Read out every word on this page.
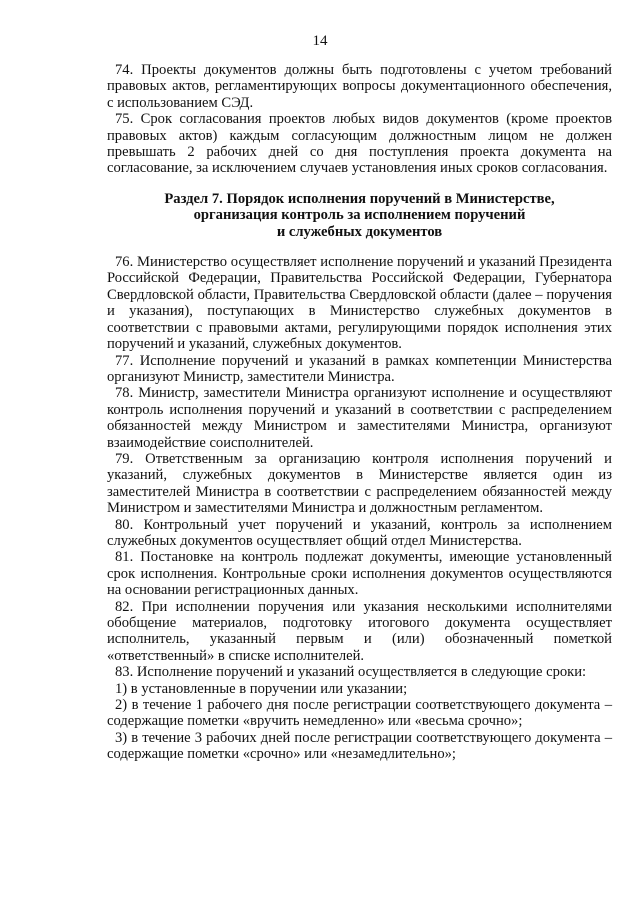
14

74. Проекты документов должны быть подготовлены с учетом требований правовых актов, регламентирующих вопросы документационного обеспечения, с использованием СЭД.

75. Срок согласования проектов любых видов документов (кроме проектов правовых актов) каждым согласующим должностным лицом не должен превышать 2 рабочих дней со дня поступления проекта документа на согласование, за исключением случаев установления иных сроков согласования.

Раздел 7. Порядок исполнения поручений в Министерстве,
организация контроль за исполнением поручений
и служебных документов

76. Министерство осуществляет исполнение поручений и указаний Президента Российской Федерации, Правительства Российской Федерации, Губернатора Свердловской области, Правительства Свердловской области (далее – поручения и указания), поступающих в Министерство служебных документов в соответствии с правовыми актами, регулирующими порядок исполнения этих поручений и указаний, служебных документов.

77. Исполнение поручений и указаний в рамках компетенции Министерства организуют Министр, заместители Министра.

78. Министр, заместители Министра организуют исполнение и осуществляют контроль исполнения поручений и указаний в соответствии с распределением обязанностей между Министром и заместителями Министра, организуют взаимодействие соисполнителей.

79. Ответственным за организацию контроля исполнения поручений и указаний, служебных документов в Министерстве является один из заместителей Министра в соответствии с распределением обязанностей между Министром и заместителями Министра и должностным регламентом.

80. Контрольный учет поручений и указаний, контроль за исполнением служебных документов осуществляет общий отдел Министерства.

81. Постановке на контроль подлежат документы, имеющие установленный срок исполнения. Контрольные сроки исполнения документов осуществляются на основании регистрационных данных.

82. При исполнении поручения или указания несколькими исполнителями обобщение материалов, подготовку итогового документа осуществляет исполнитель, указанный первым и (или) обозначенный пометкой «ответственный» в списке исполнителей.

83. Исполнение поручений и указаний осуществляется в следующие сроки:

1) в установленные в поручении или указании;

2) в течение 1 рабочего дня после регистрации соответствующего документа – содержащие пометки «вручить немедленно» или «весьма срочно»;

3) в течение 3 рабочих дней после регистрации соответствующего документа – содержащие пометки «срочно» или «незамедлительно»;
